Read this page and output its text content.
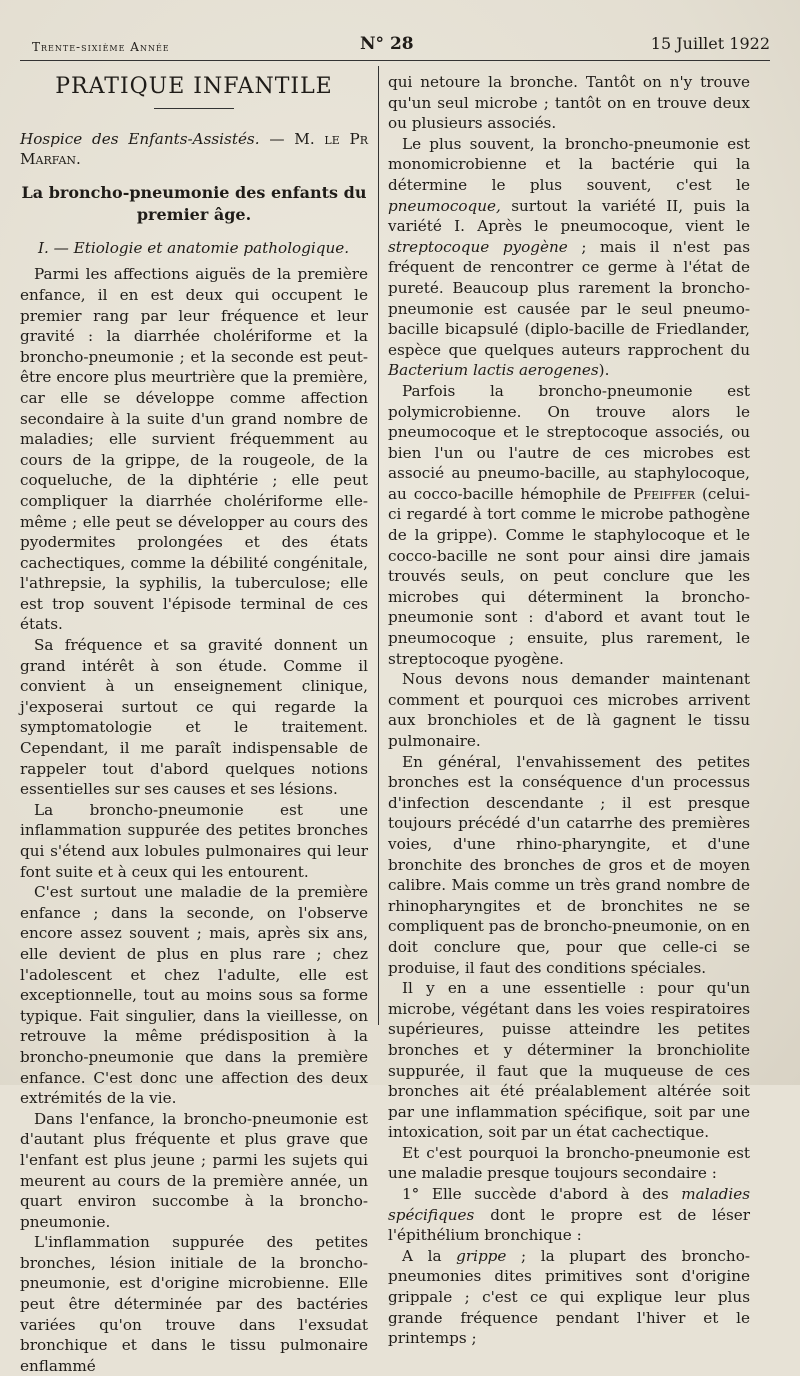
Trente-sixième Année	N° 28	15 Juillet 1922
PRATIQUE INFANTILE
Hospice des Enfants-Assistés. — M. le Pr Marfan.
La broncho-pneumonie des enfants du premier âge.
I. — Etiologie et anatomie pathologique.

Parmi les affections aiguës de la première enfance, il en est deux qui occupent le premier rang par leur fréquence et leur gravité : la diarrhée cholériforme et la broncho-pneumonie ; et la seconde est peut-être encore plus meurtrière que la première, car elle se développe comme affection secondaire à la suite d'un grand nombre de maladies; elle survient fréquemment au cours de la grippe, de la rougeole, de la coqueluche, de la diphtérie ; elle peut compliquer la diarrhée cholériforme elle-même ; elle peut se développer au cours des pyodermites prolongées et des états cachectiques, comme la débilité congénitale, l'athrepsie, la syphilis, la tuberculose; elle est trop souvent l'épisode terminal de ces états.

Sa fréquence et sa gravité donnent un grand intérêt à son étude. Comme il convient à un enseignement clinique, j'exposerai surtout ce qui regarde la symptomatologie et le traitement. Cependant, il me paraît indispensable de rappeler tout d'abord quelques notions essentielles sur ses causes et ses lésions.

La broncho-pneumonie est une inflammation suppurée des petites bronches qui s'étend aux lobules pulmonaires qui leur font suite et à ceux qui les entourent.

C'est surtout une maladie de la première enfance ; dans la seconde, on l'observe encore assez souvent ; mais, après six ans, elle devient de plus en plus rare ; chez l'adolescent et chez l'adulte, elle est exceptionnelle, tout au moins sous sa forme typique. Fait singulier, dans la vieillesse, on retrouve la même prédisposition à la broncho-pneumonie que dans la première enfance. C'est donc une affection des deux extrémités de la vie.

Dans l'enfance, la broncho-pneumonie est d'autant plus fréquente et plus grave que l'enfant est plus jeune ; parmi les sujets qui meurent au cours de la première année, un quart environ succombe à la broncho-pneumonie.

L'inflammation suppurée des petites bronches, lésion initiale de la broncho-pneumonie, est d'origine microbienne. Elle peut être déterminée par des bactéries variées qu'on trouve dans l'exsudat bronchique et dans le tissu pulmonaire enflammé

qui netoure la bronche. Tantôt on n'y trouve qu'un seul microbe ; tantôt on en trouve deux ou plusieurs associés.

Le plus souvent, la broncho-pneumonie est monomicrobienne et la bactérie qui la détermine le plus souvent, c'est le pneumocoque, surtout la variété II, puis la variété I. Après le pneumocoque, vient le streptocoque pyogène ; mais il n'est pas fréquent de rencontrer ce germe à l'état de pureté. Beaucoup plus rarement la broncho-pneumonie est causée par le seul pneumo-bacille bicapsulé (diplo-bacille de Friedlander, espèce que quelques auteurs rapprochent du Bacterium lactis aerogenes).

Parfois la broncho-pneumonie est polymicrobienne. On trouve alors le pneumocoque et le streptocoque associés, ou bien l'un ou l'autre de ces microbes est associé au pneumo-bacille, au staphylocoque, au cocco-bacille hémophile de Pfeiffer (celui-ci regardé à tort comme le microbe pathogène de la grippe). Comme le staphylocoque et le cocco-bacille ne sont pour ainsi dire jamais trouvés seuls, on peut conclure que les microbes qui déterminent la broncho-pneumonie sont : d'abord et avant tout le pneumocoque ; ensuite, plus rarement, le streptocoque pyogène.

Nous devons nous demander maintenant comment et pourquoi ces microbes arrivent aux bronchioles et de là gagnent le tissu pulmonaire.

En général, l'envahissement des petites bronches est la conséquence d'un processus d'infection descendante ; il est presque toujours précédé d'un catarrhe des premières voies, d'une rhino-pharyngite, et d'une bronchite des bronches de gros et de moyen calibre. Mais comme un très grand nombre de rhinopharyngites et de bronchites ne se compliquent pas de broncho-pneumonie, on en doit conclure que, pour que celle-ci se produise, il faut des conditions spéciales.

Il y en a une essentielle : pour qu'un microbe, végétant dans les voies respiratoires supérieures, puisse atteindre les petites bronches et y déterminer la bronchiolite suppurée, il faut que la muqueuse de ces bronches ait été préalablement altérée soit par une inflammation spécifique, soit par une intoxication, soit par un état cachectique.

Et c'est pourquoi la broncho-pneumonie est une maladie presque toujours secondaire :

1° Elle succède d'abord à des maladies spécifiques dont le propre est de léser l'épithélium bronchique :

A la grippe ; la plupart des broncho-pneumonies dites primitives sont d'origine grippale ; c'est ce qui explique leur plus grande fréquence pendant l'hiver et le printemps ;
